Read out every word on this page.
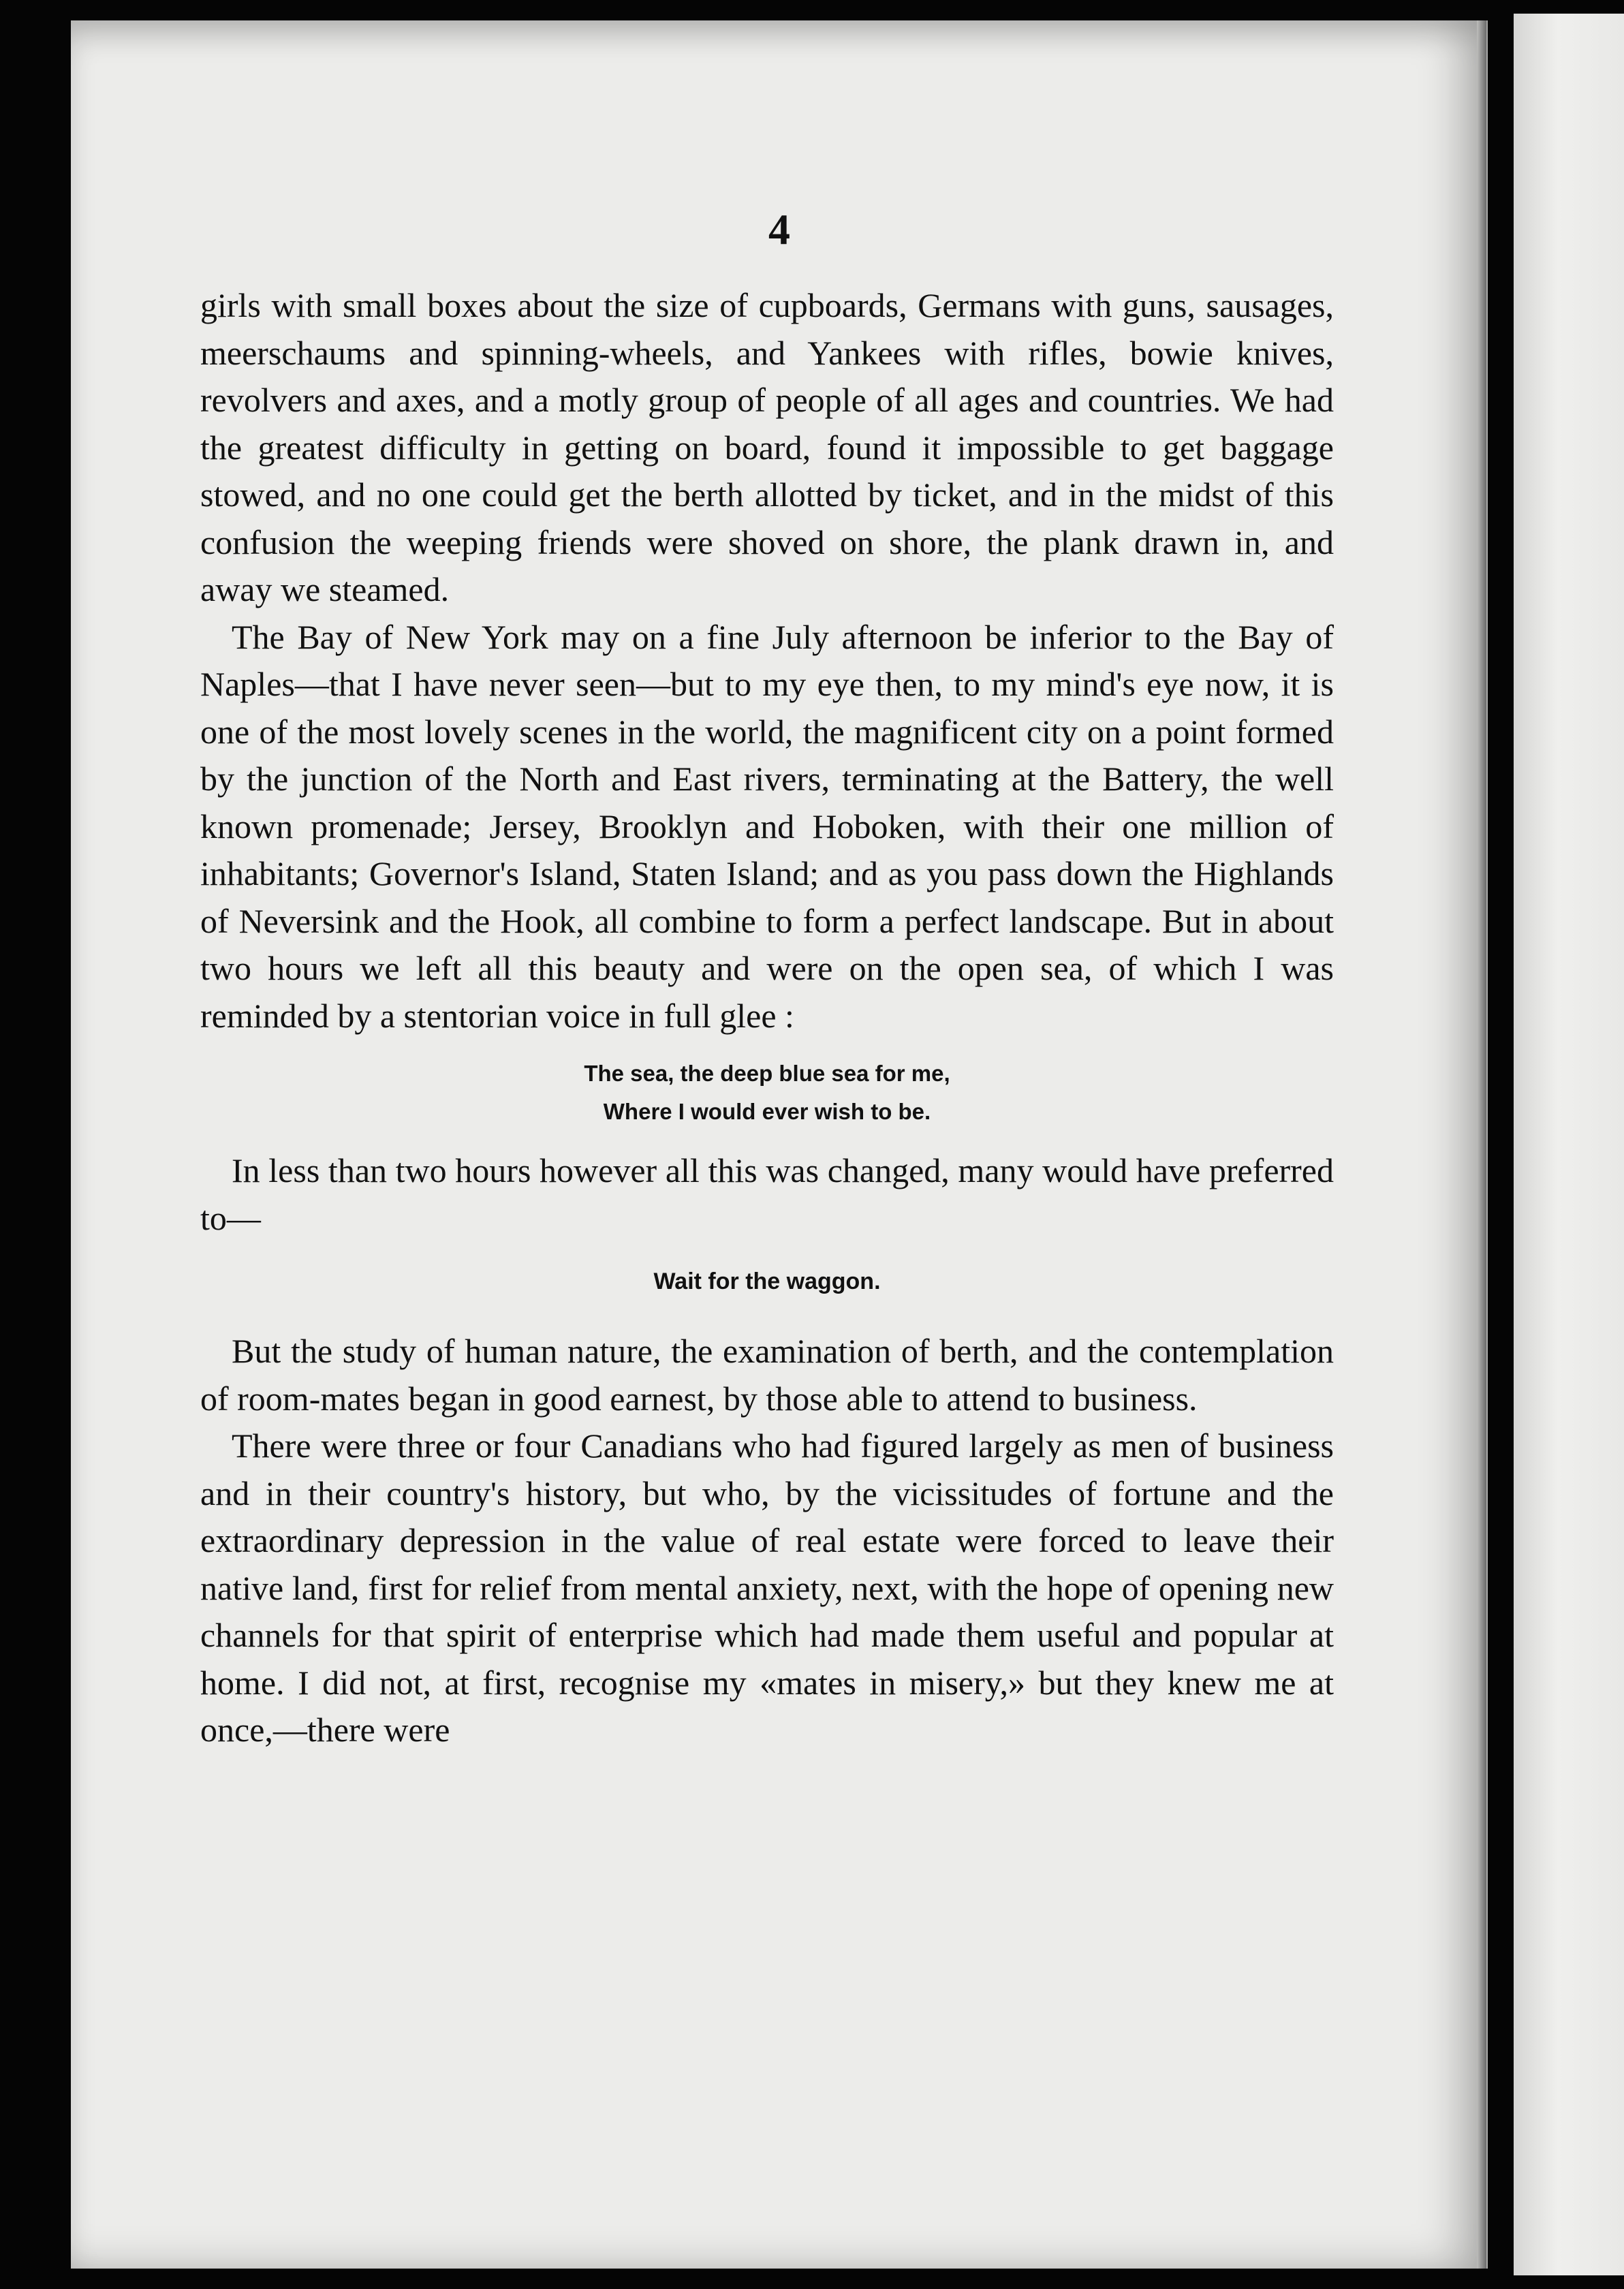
4

girls with small boxes about the size of cupboards, Germans with guns, sausages, meerschaums and spinning-wheels, and Yankees with rifles, bowie knives, revolvers and axes, and a motly group of people of all ages and countries. We had the greatest difficulty in getting on board, found it impossible to get baggage stowed, and no one could get the berth allotted by ticket, and in the midst of this confusion the weeping friends were shoved on shore, the plank drawn in, and away we steamed.

The Bay of New York may on a fine July afternoon be inferior to the Bay of Naples—that I have never seen—but to my eye then, to my mind's eye now, it is one of the most lovely scenes in the world, the magnificent city on a point formed by the junction of the North and East rivers, terminating at the Battery, the well known promenade; Jersey, Brooklyn and Hoboken, with their one million of inhabitants; Governor's Island, Staten Island; and as you pass down the Highlands of Neversink and the Hook, all combine to form a perfect landscape. But in about two hours we left all this beauty and were on the open sea, of which I was reminded by a stentorian voice in full glee :

The sea, the deep blue sea for me,
Where I would ever wish to be.

In less than two hours however all this was changed, many would have preferred to—

Wait for the waggon.

But the study of human nature, the examination of berth, and the contemplation of room-mates began in good earnest, by those able to attend to business.

There were three or four Canadians who had figured largely as men of business and in their country's history, but who, by the vicissitudes of fortune and the extraordinary depression in the value of real estate were forced to leave their native land, first for relief from mental anxiety, next, with the hope of opening new channels for that spirit of enterprise which had made them useful and popular at home. I did not, at first, recognise my «mates in misery,» but they knew me at once,—there were
